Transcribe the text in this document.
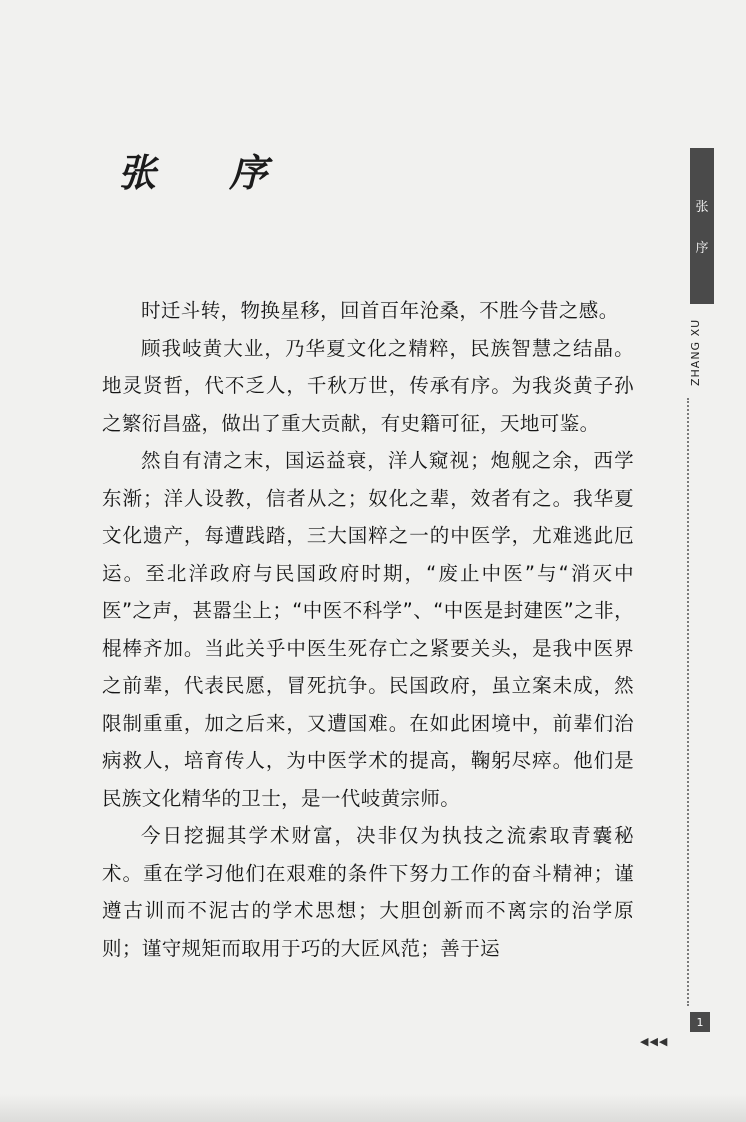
张 序

时迁斗转，物换星移，回首百年沧桑，不胜今昔之感。

顾我岐黄大业，乃华夏文化之精粹，民族智慧之结晶。地灵贤哲，代不乏人，千秋万世，传承有序。为我炎黄子孙之繁衍昌盛，做出了重大贡献，有史籍可征，天地可鉴。

然自有清之末，国运益衰，洋人窥视；炮舰之余，西学东渐；洋人设教，信者从之；奴化之辈，效者有之。我华夏文化遗产，每遭践踏，三大国粹之一的中医学，尤难逃此厄运。至北洋政府与民国政府时期，“废止中医”与“消灭中医”之声，甚嚣尘上；“中医不科学”、“中医是封建医”之非，棍棒齐加。当此关乎中医生死存亡之紧要关头，是我中医界之前辈，代表民愿，冒死抗争。民国政府，虽立案未成，然限制重重，加之后来，又遭国难。在如此困境中，前辈们治病救人，培育传人，为中医学术的提高，鞠躬尽瘁。他们是民族文化精华的卫士，是一代岐黄宗师。

今日挖掘其学术财富，决非仅为执技之流索取青囊秘术。重在学习他们在艰难的条件下努力工作的奋斗精神；谨遵古训而不泥古的学术思想；大胆创新而不离宗的治学原则；谨守规矩而取用于巧的大匠风范；善于运

张
序
ZHANG XU
1
◀◀◀
